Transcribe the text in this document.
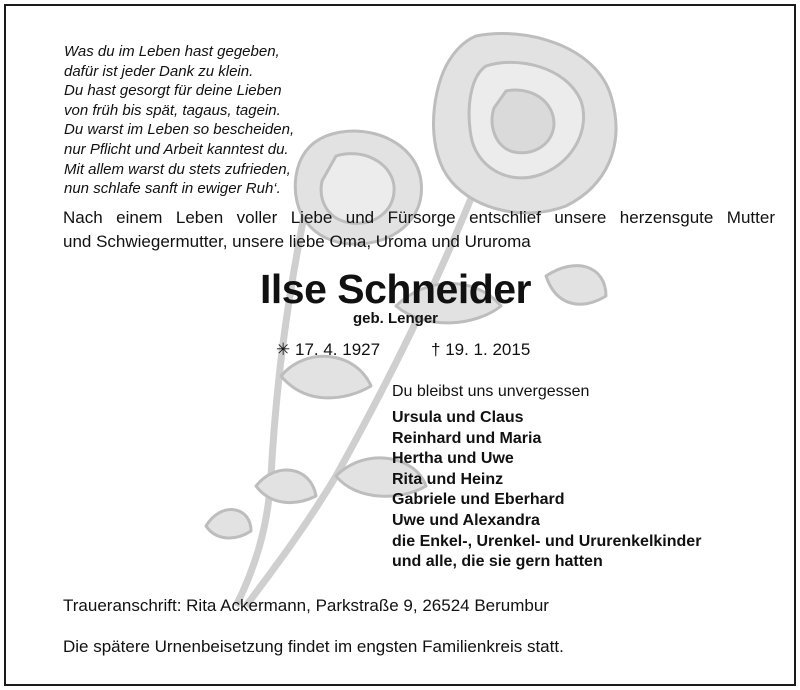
Was du im Leben hast gegeben,
dafür ist jeder Dank zu klein.
Du hast gesorgt für deine Lieben
von früh bis spät, tagaus, tagein.
Du warst im Leben so bescheiden,
nur Pflicht und Arbeit kanntest du.
Mit allem warst du stets zufrieden,
nun schlafe sanft in ewiger Ruh‘.
Nach einem Leben voller Liebe und Fürsorge entschlief unsere herzensgute Mutter
und Schwiegermutter, unsere liebe Oma, Uroma und Ururoma
Ilse Schneider
geb. Lenger
✳ 17. 4. 1927	† 19. 1. 2015
Du bleibst uns unvergessen
Ursula und Claus
Reinhard und Maria
Hertha und Uwe
Rita und Heinz
Gabriele und Eberhard
Uwe und Alexandra
die Enkel-, Urenkel- und Ururenkelkinder
und alle, die sie gern hatten
Traueranschrift: Rita Ackermann, Parkstraße 9, 26524 Berumbur
Die spätere Urnenbeisetzung findet im engsten Familienkreis statt.
